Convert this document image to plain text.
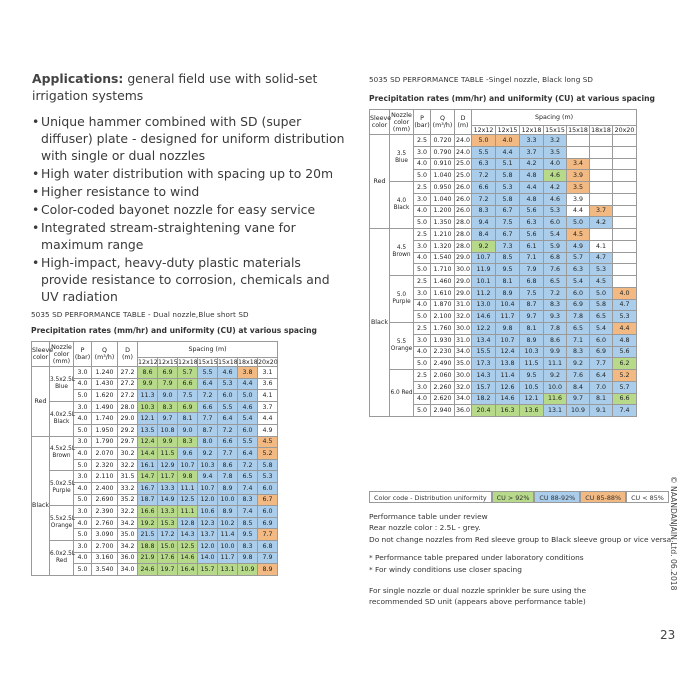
Applications: general field use with solid-set irrigation systems
• Unique hammer combined with SD (super diffuser) plate - designed for uniform distribution with single or dual nozzles
• High water distribution with spacing up to 20m
• Higher resistance to wind
• Color-coded bayonet nozzle for easy service
• Integrated stream-straightening vane for maximum range
• High-impact, heavy-duty plastic materials provide resistance to corrosion, chemicals and UV radiation
5035 SD PERFORMANCE TABLE - Dual nozzle,Blue short SD
Precipitation rates (mm/hr) and uniformity (CU) at various spacing
Sleeve
color	Nozzle
color
(mm)	P
(bar)	Q
(m³/h)	D
(m)	Spacing (m)						
					12x12	12x15	12x18	15x15	15x18	18x18	20x20
Red	3.5x2.5L
Blue	3.0	1.240	27.2	8.6	6.9	5.7	5.5	4.6	3.8	3.1
		4.0	1.430	27.2	9.9	7.9	6.6	6.4	5.3	4.4	3.6
		5.0	1.620	27.2	11.3	9.0	7.5	7.2	6.0	5.0	4.1
	4.0x2.5L
Black	3.0	1.490	28.0	10.3	8.3	6.9	6.6	5.5	4.6	3.7
		4.0	1.740	29.0	12.1	9.7	8.1	7.7	6.4	5.4	4.4
		5.0	1.950	29.2	13.5	10.8	9.0	8.7	7.2	6.0	4.9
Black	4.5x2.5L
Brown	3.0	1.790	29.7	12.4	9.9	8.3	8.0	6.6	5.5	4.5
		4.0	2.070	30.2	14.4	11.5	9.6	9.2	7.7	6.4	5.2
		5.0	2.320	32.2	16.1	12.9	10.7	10.3	8.6	7.2	5.8
	5.0x2.5L
Purple	3.0	2.110	31.5	14.7	11.7	9.8	9.4	7.8	6.5	5.3
		4.0	2.400	33.2	16.7	13.3	11.1	10.7	8.9	7.4	6.0
		5.0	2.690	35.2	18.7	14.9	12.5	12.0	10.0	8.3	6.7
	5.5x2.5L
Orange	3.0	2.390	32.2	16.6	13.3	11.1	10.6	8.9	7.4	6.0
		4.0	2.760	34.2	19.2	15.3	12.8	12.3	10.2	8.5	6.9
		5.0	3.090	35.0	21.5	17.2	14.3	13.7	11.4	9.5	7.7
	6.0x2.5L
Red	3.0	2.700	34.2	18.8	15.0	12.5	12.0	10.0	8.3	6.8
		4.0	3.160	36.0	21.9	17.6	14.6	14.0	11.7	9.8	7.9
		5.0	3.540	34.0	24.6	19.7	16.4	15.7	13.1	10.9	8.9
5035 SD PERFORMANCE TABLE -Singel nozzle, Black long SD
Precipitation rates (mm/hr) and uniformity (CU) at various spacing
Sleeve
color	Nozzle
color
(mm)	P
(bar)	Q
(m³/h)	D
(m)	Spacing (m)						
					12x12	12x15	12x18	15x15	15x18	18x18	20x20
Red	3.5
Blue	2.5	0.720	24.0	5.0	4.0	3.3	3.2			
		3.0	0.790	24.0	5.5	4.4	3.7	3.5			
		4.0	0.910	25.0	6.3	5.1	4.2	4.0	3.4		
		5.0	1.040	25.0	7.2	5.8	4.8	4.6	3.9		
	4.0
Black	2.5	0.950	26.0	6.6	5.3	4.4	4.2	3.5		
		3.0	1.040	26.0	7.2	5.8	4.8	4.6	3.9		
		4.0	1.200	26.0	8.3	6.7	5.6	5.3	4.4	3.7	
		5.0	1.350	28.0	9.4	7.5	6.3	6.0	5.0	4.2	
Black	4.5
Brown	2.5	1.210	28.0	8.4	6.7	5.6	5.4	4.5		
		3.0	1.320	28.0	9.2	7.3	6.1	5.9	4.9	4.1	
		4.0	1.540	29.0	10.7	8.5	7.1	6.8	5.7	4.7	
		5.0	1.710	30.0	11.9	9.5	7.9	7.6	6.3	5.3	
	5.0
Purple	2.5	1.460	29.0	10.1	8.1	6.8	6.5	5.4	4.5	
		3.0	1.610	29.0	11.2	8.9	7.5	7.2	6.0	5.0	4.0
		4.0	1.870	31.0	13.0	10.4	8.7	8.3	6.9	5.8	4.7
		5.0	2.100	32.0	14.6	11.7	9.7	9.3	7.8	6.5	5.3
	5.5
Orange	2.5	1.760	30.0	12.2	9.8	8.1	7.8	6.5	5.4	4.4
		3.0	1.930	31.0	13.4	10.7	8.9	8.6	7.1	6.0	4.8
		4.0	2.230	34.0	15.5	12.4	10.3	9.9	8.3	6.9	5.6
		5.0	2.490	35.0	17.3	13.8	11.5	11.1	9.2	7.7	6.2
	6.0 Red	2.5	2.060	30.0	14.3	11.4	9.5	9.2	7.6	6.4	5.2
		3.0	2.260	32.0	15.7	12.6	10.5	10.0	8.4	7.0	5.7
		4.0	2.620	34.0	18.2	14.6	12.1	11.6	9.7	8.1	6.6
		5.0	2.940	36.0	20.4	16.3	13.6	13.1	10.9	9.1	7.4
Color code - Distribution uniformity	CU > 92%	CU 88-92%	CU 85-88%	CU < 85%

Performance table under review

Rear nozzle color : 2.5L - grey.

Do not change nozzles from Red sleeve group to Black sleeve group or vice versa.

* Performance table prepared under laboratory conditions

* For windy conditions use closer spacing

For single nozzle or dual nozzle sprinkler be sure using the

recommended SD unit (appears above performance table)

© NAANDANJAIN Ltd. 06.2018
23
